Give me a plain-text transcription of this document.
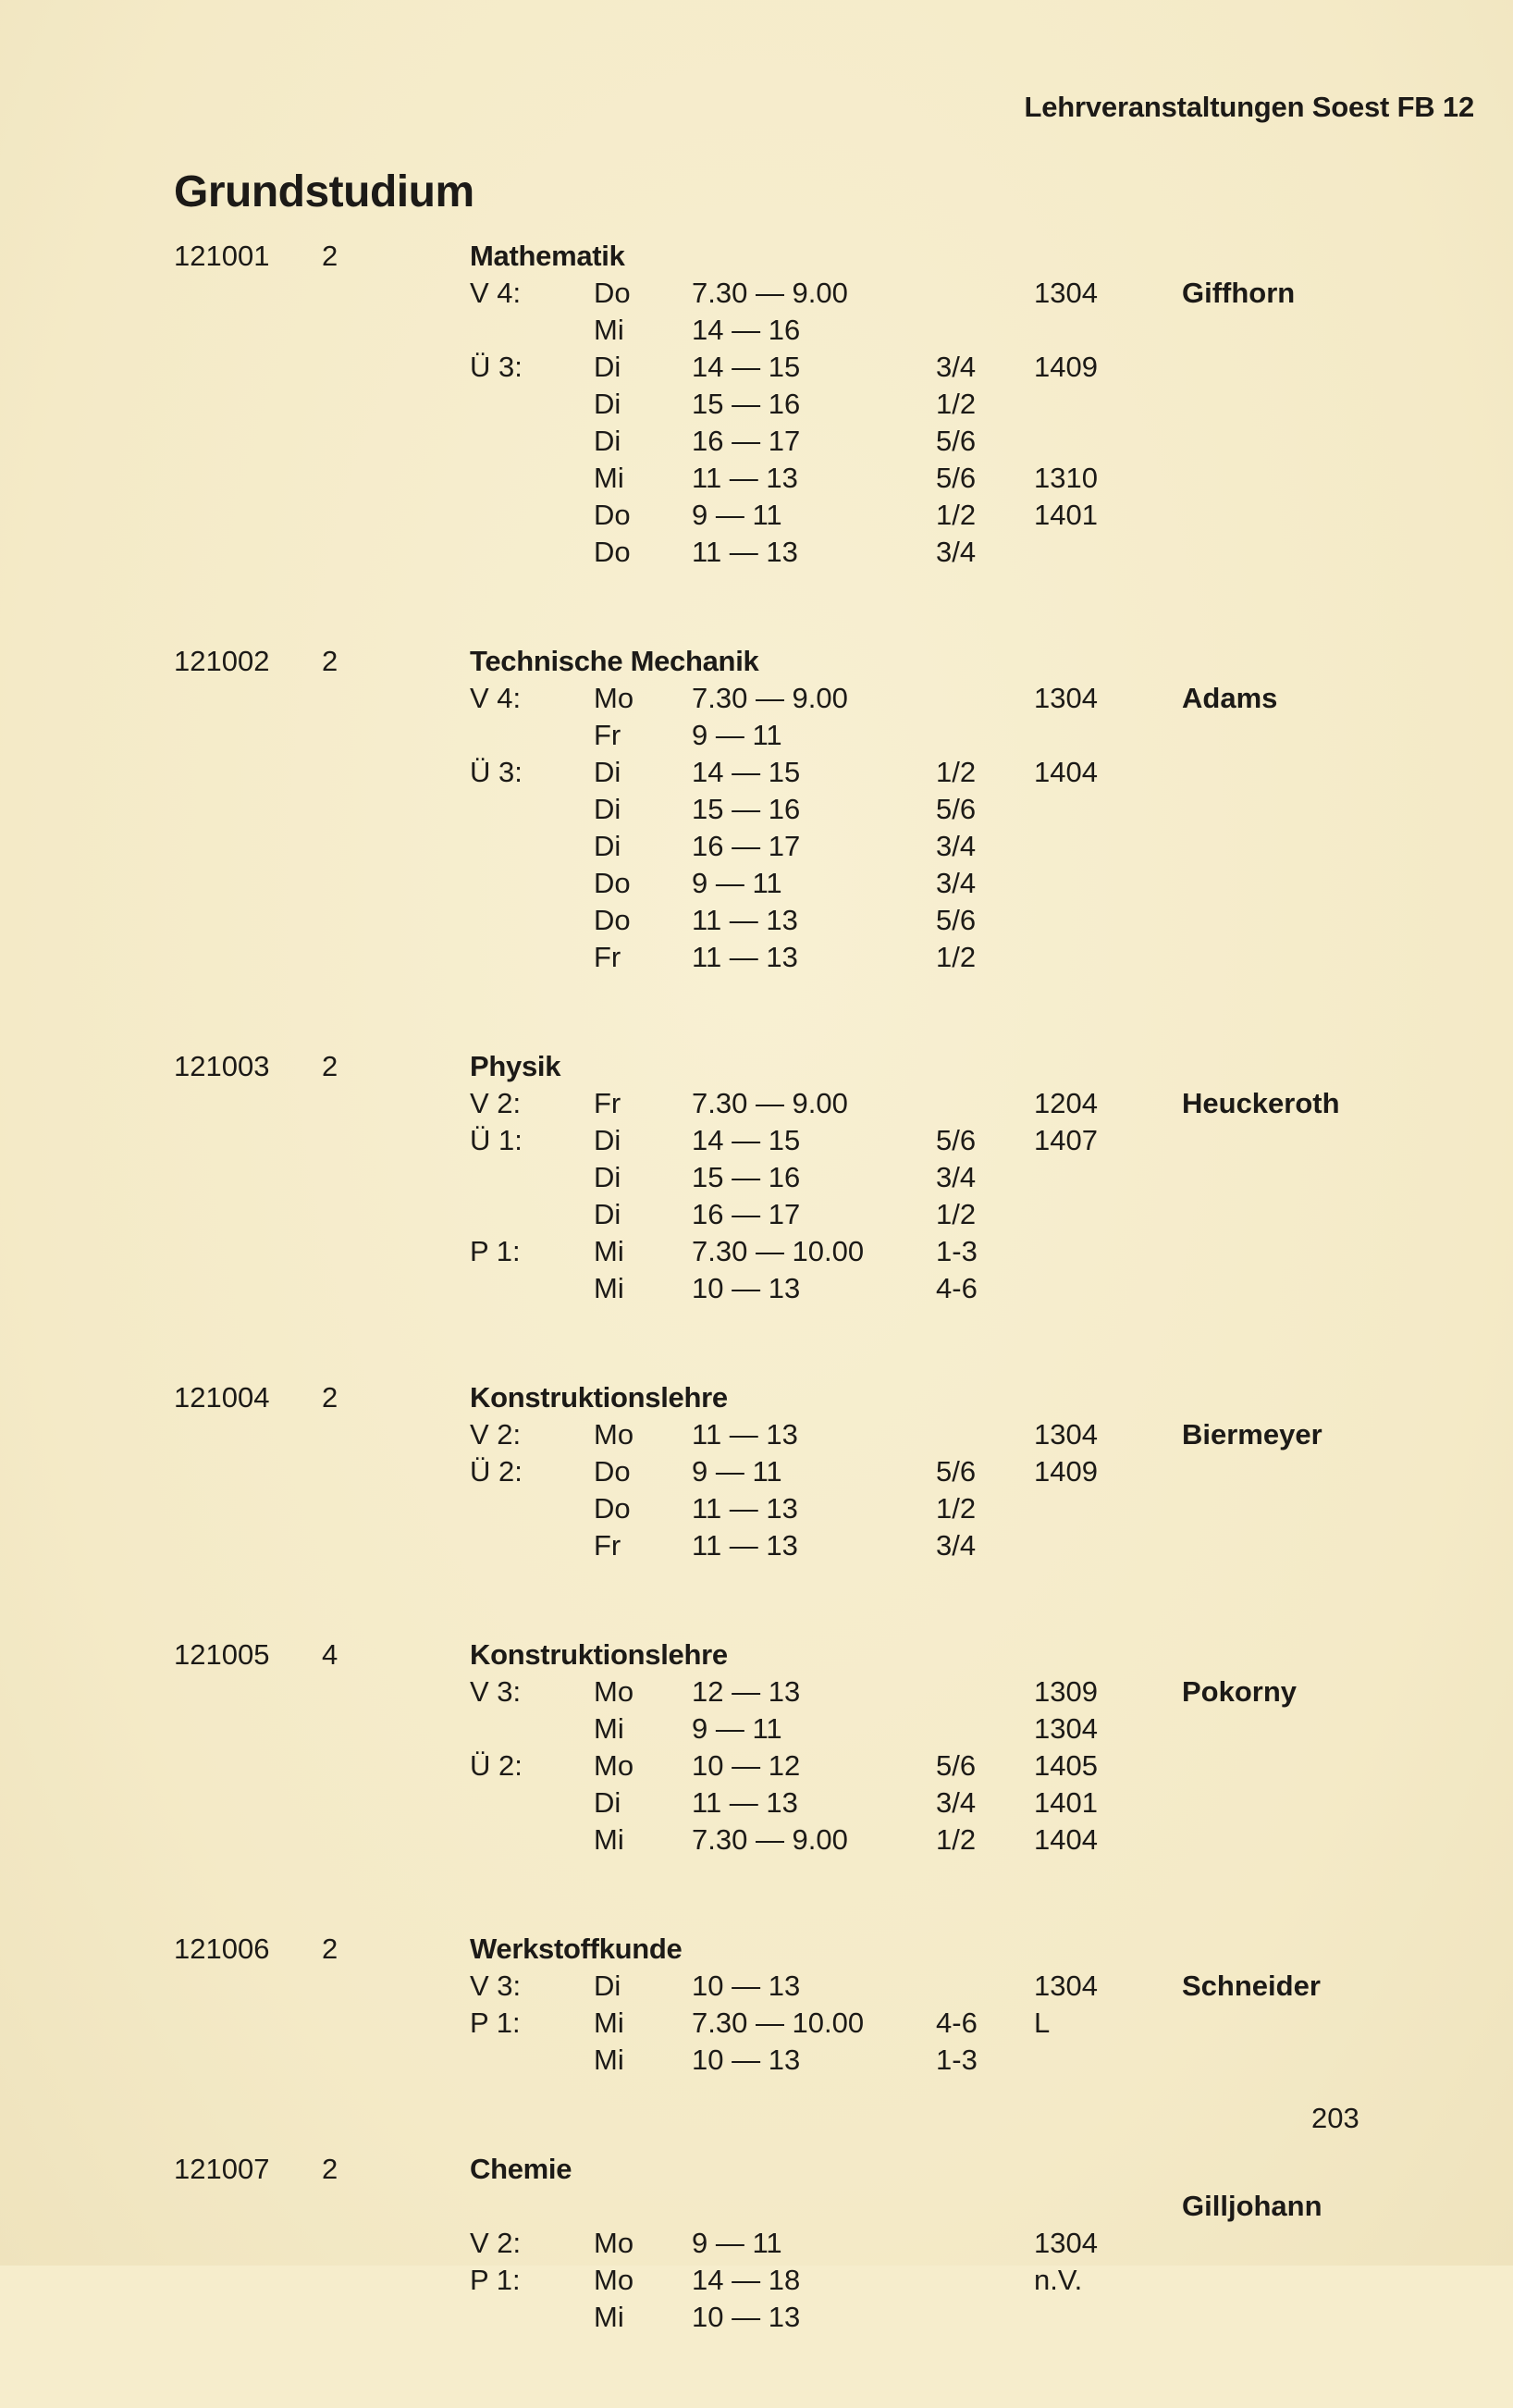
Lehrveranstaltungen Soest FB 12
Grundstudium
121001 2	Mathematik
Giffhorn
V 4:	Do 7.30 — 9.00	1304
Mi 14 — 16
Ü 3: Di 14 — 15	3/4 1409
Di 15 — 16	1/2
Di 16 — 17	5/6
Mi 11 — 13	5/6 1310
Do 9 — 11	1/2 1401
Do 11 — 13	3/4
121002 2	Technische Mechanik
Adams
V 4:	Mo 7.30 — 9.00	1304
Fr 9 — 11
Ü 3: Di 14 — 15	1/2 1404
Di 15 — 16	5/6
Di 16 — 17	3/4
Do 9 — 11	3/4
Do 11 — 13	5/6
Fr 11 — 13	1/2
121003 2	Physik
Heuckeroth
V 2:	Fr 7.30 — 9.00	1204
Ü 1: Di 14 — 15	5/6 1407
Di 15 — 16	3/4
Di 16 — 17	1/2
P 1:	Mi 7.30 — 10.00	1-3
Mi 10 — 13	4-6
121004 2	Konstruktionslehre
Biermeyer
V 2:	Mo 11 — 13	1304
Ü 2: Do 9 — 11	5/6 1409
Do 11 — 13	1/2
Fr 11 — 13	3/4
121005 4	Konstruktionslehre
Pokorny
V 3:	Mo 12 — 13	1309
Mi 9 — 11	1304
Ü 2: Mo 10 — 12	5/6 1405
Di 11 — 13	3/4 1401
Mi 7.30 — 9.00	1/2 1404
121006 2	Werkstoffkunde
Schneider
V 3:	Di 10 — 13	1304
P 1:	Mi 7.30 — 10.00	4-6 L
Mi 10 — 13	1-3
121007 2	Chemie
Gilljohann
V 2:	Mo 9 — 11	1304
P 1:	Mo 14 — 18	n.V.
Mi 10 — 13
203
